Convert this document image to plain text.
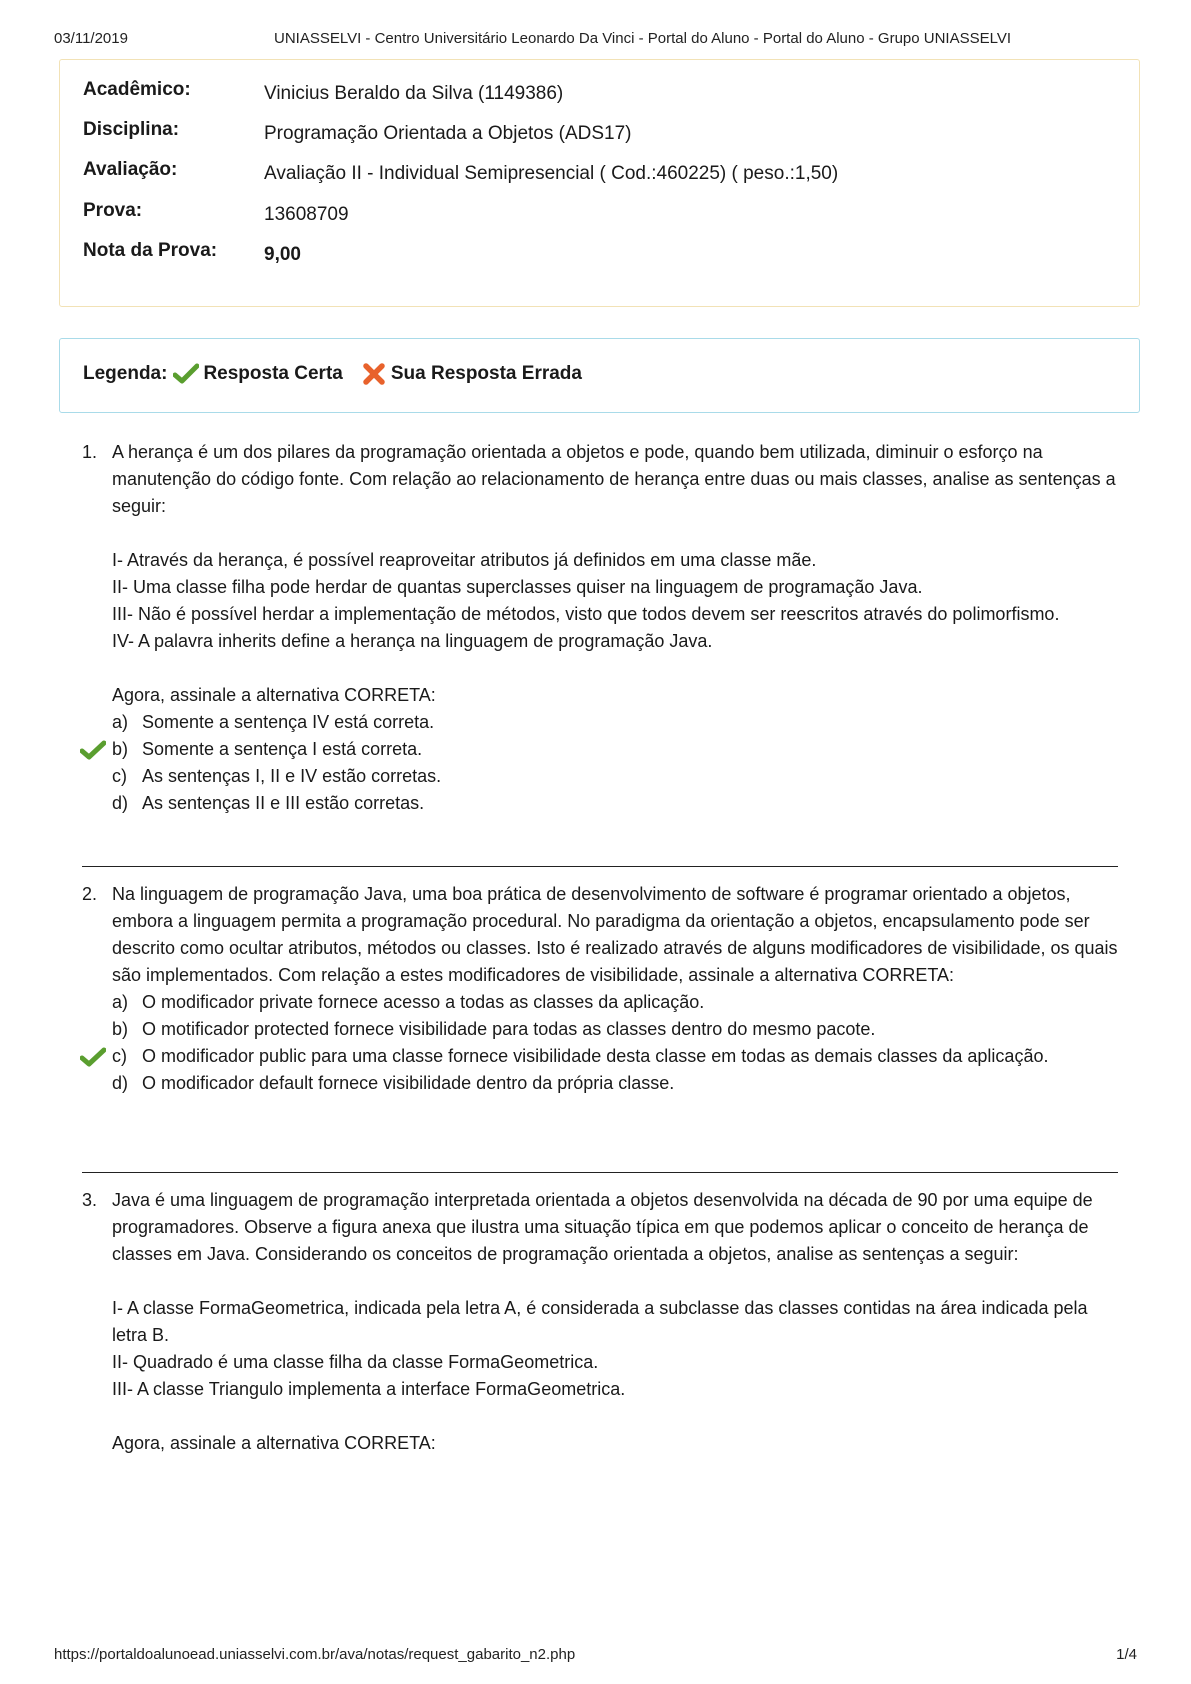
03/11/2019	UNIASSELVI - Centro Universitário Leonardo Da Vinci - Portal do Aluno - Portal do Aluno - Grupo UNIASSELVI
Acadêmico:	Vinicius Beraldo da Silva (1149386)
Disciplina:	Programação Orientada a Objetos (ADS17)
Avaliação:	Avaliação II - Individual Semipresencial ( Cod.:460225) ( peso.:1,50)
Prova:	13608709
Nota da Prova: 9,00
Legenda: Resposta Certa	Sua Resposta Errada
1. A herança é um dos pilares da programação orientada a objetos e pode, quando bem utilizada, diminuir o esforço na manutenção do código fonte. Com relação ao relacionamento de herança entre duas ou mais classes, analise as sentenças a seguir:

I- Através da herança, é possível reaproveitar atributos já definidos em uma classe mãe.

II- Uma classe filha pode herdar de quantas superclasses quiser na linguagem de programação Java.

III- Não é possível herdar a implementação de métodos, visto que todos devem ser reescritos através do polimorfismo.

IV- A palavra inherits define a herança na linguagem de programação Java.

Agora, assinale a alternativa CORRETA:

a) Somente a sentença IV está correta.
b) Somente a sentença I está correta.
c) As sentenças I, II e IV estão corretas.
d) As sentenças II e III estão corretas.
2. Na linguagem de programação Java, uma boa prática de desenvolvimento de software é programar orientado a objetos, embora a linguagem permita a programação procedural. No paradigma da orientação a objetos, encapsulamento pode ser descrito como ocultar atributos, métodos ou classes. Isto é realizado através de alguns modificadores de visibilidade, os quais são implementados. Com relação a estes modificadores de visibilidade, assinale a alternativa CORRETA:

a) O modificador private fornece acesso a todas as classes da aplicação.
b) O motificador protected fornece visibilidade para todas as classes dentro do mesmo pacote.
c) O modificador public para uma classe fornece visibilidade desta classe em todas as demais classes da aplicação.
d) O modificador default fornece visibilidade dentro da própria classe.
3. Java é uma linguagem de programação interpretada orientada a objetos desenvolvida na década de 90 por uma equipe de programadores. Observe a figura anexa que ilustra uma situação típica em que podemos aplicar o conceito de herança de classes em Java. Considerando os conceitos de programação orientada a objetos, analise as sentenças a seguir:

I- A classe FormaGeometrica, indicada pela letra A, é considerada a subclasse das classes contidas na área indicada pela letra B.

II- Quadrado é uma classe filha da classe FormaGeometrica.

III- A classe Triangulo implementa a interface FormaGeometrica.

Agora, assinale a alternativa CORRETA:

https://portaldoalunoead.uniasselvi.com.br/ava/notas/request_gabarito_n2.php	1/4
